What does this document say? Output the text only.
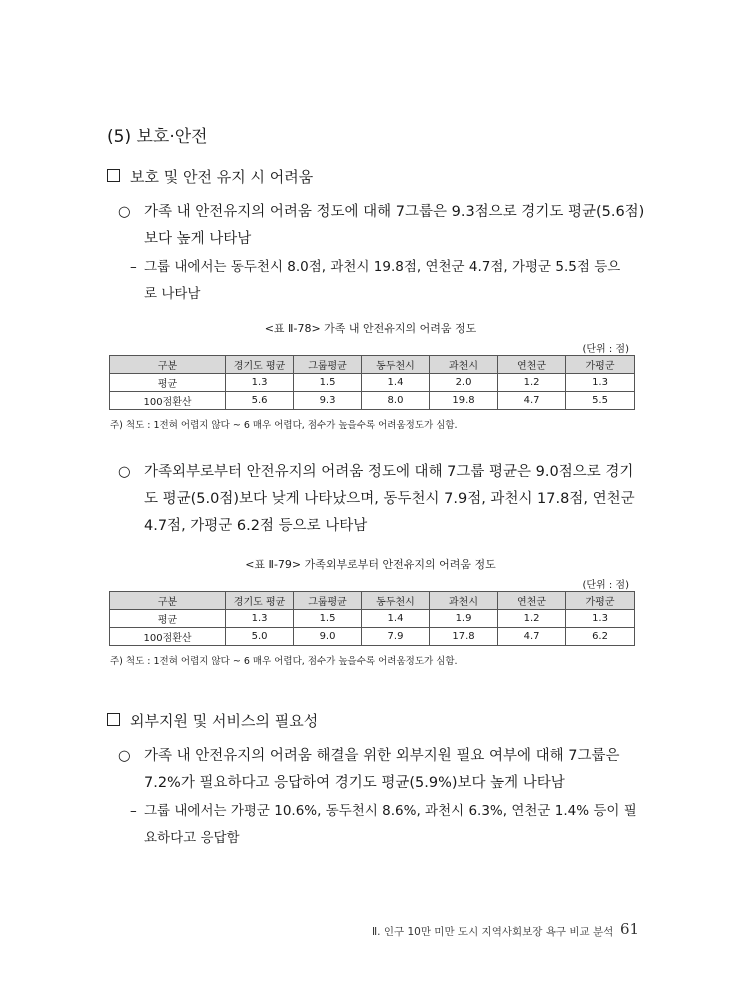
(5) 보호·안전
보호 및 안전 유지 시 어려움
○ 가족 내 안전유지의 어려움 정도에 대해 7그룹은 9.3점으로 경기도 평균(5.6점)
보다 높게 나타남
– 그룹 내에서는 동두천시 8.0점, 과천시 19.8점, 연천군 4.7점, 가평군 5.5점 등으
로 나타남
<표 Ⅱ-78> 가족 내 안전유지의 어려움 정도
(단위 : 점)
구분	경기도 평균	그룹평균	동두천시	과천시	연천군	가평군
평균	1.3	1.5	1.4	2.0	1.2	1.3
100점환산	5.6	9.3	8.0	19.8	4.7	5.5
주) 척도 : 1전혀 어렵지 않다 ~ 6 매우 어렵다, 점수가 높을수록 어려움정도가 심함.
○ 가족외부로부터 안전유지의 어려움 정도에 대해 7그룹 평균은 9.0점으로 경기
도 평균(5.0점)보다 낮게 나타났으며, 동두천시 7.9점, 과천시 17.8점, 연천군
4.7점, 가평군 6.2점 등으로 나타남
<표 Ⅱ-79> 가족외부로부터 안전유지의 어려움 정도
(단위 : 점)
구분	경기도 평균	그룹평균	동두천시	과천시	연천군	가평군
평균	1.3	1.5	1.4	1.9	1.2	1.3
100점환산	5.0	9.0	7.9	17.8	4.7	6.2
주) 척도 : 1전혀 어렵지 않다 ~ 6 매우 어렵다, 점수가 높을수록 어려움정도가 심함.
외부지원 및 서비스의 필요성
○ 가족 내 안전유지의 어려움 해결을 위한 외부지원 필요 여부에 대해 7그룹은
7.2%가 필요하다고 응답하여 경기도 평균(5.9%)보다 높게 나타남
– 그룹 내에서는 가평군 10.6%, 동두천시 8.6%, 과천시 6.3%, 연천군 1.4% 등이 필
요하다고 응답함
Ⅱ. 인구 10만 미만 도시 지역사회보장 욕구 비교 분석 61
